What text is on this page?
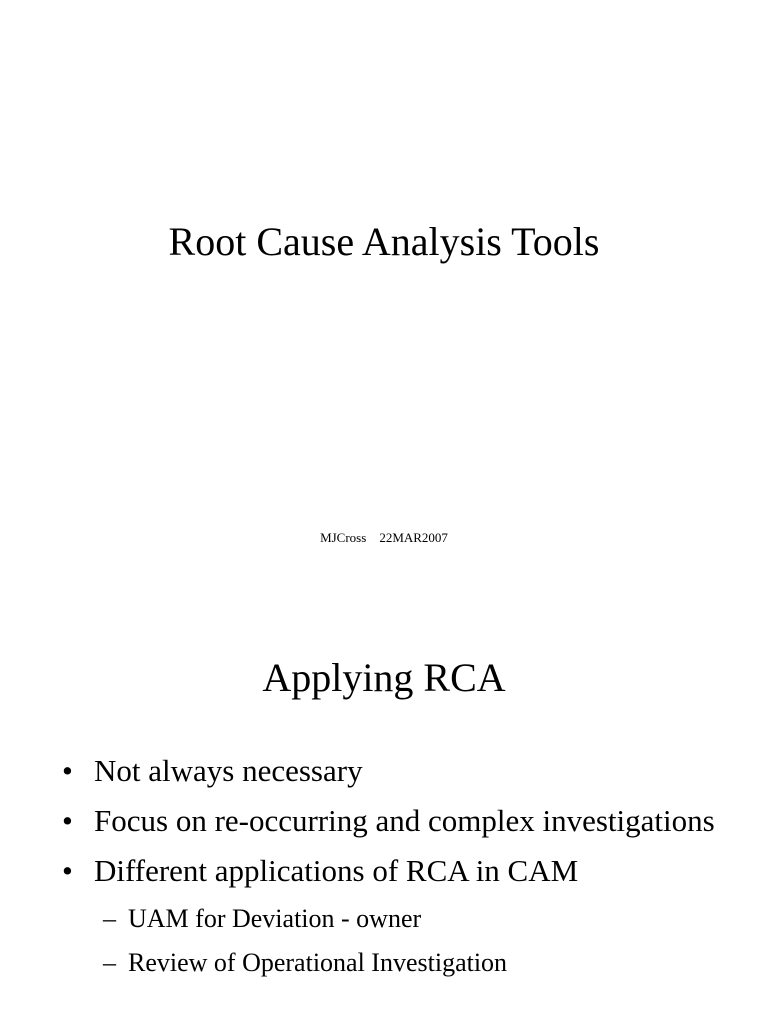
Root Cause Analysis Tools
MJCross 22MAR2007
Applying RCA
• Not always necessary
• Focus on re-occurring and complex investigations
• Different applications of RCA in CAM
– UAM for Deviation - owner
– Review of Operational Investigation
